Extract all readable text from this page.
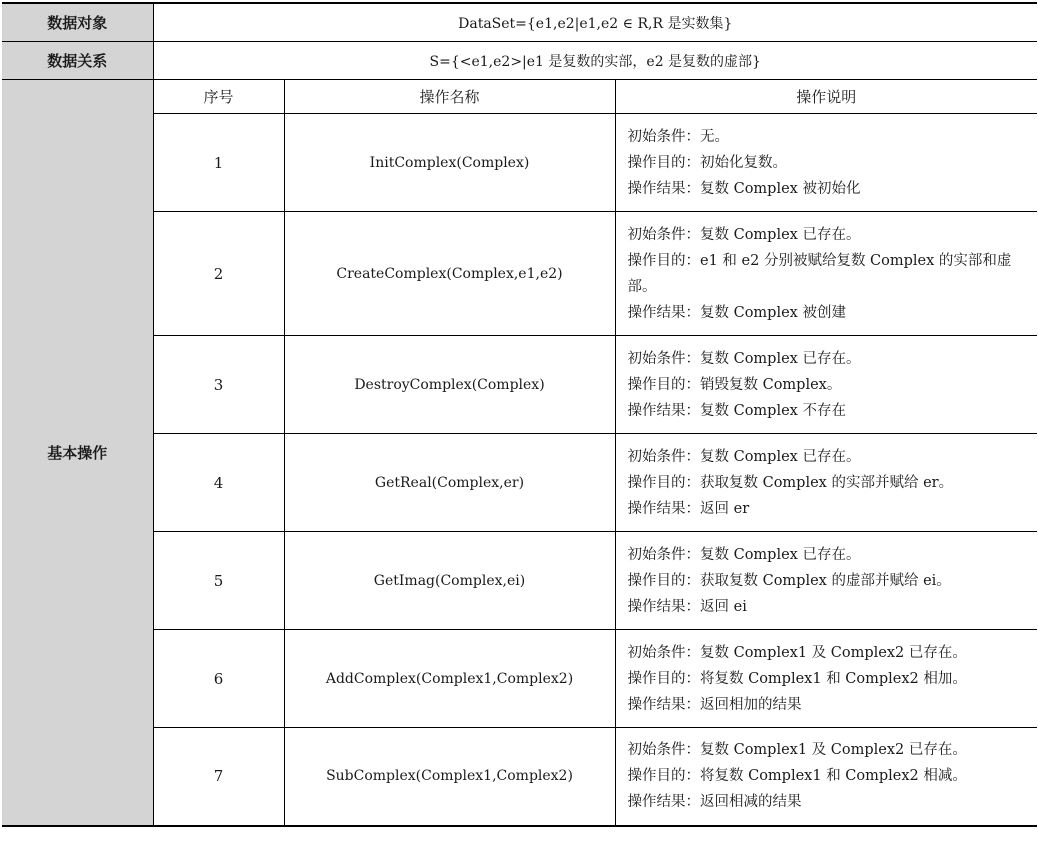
数据对象	DataSet={e1,e2|e1,e2 ∈ R,R 是实数集}		
数据关系	S={<e1,e2>|e1 是复数的实部，e2 是复数的虚部}		
基本操作	序号	操作名称	操作说明
	1	InitComplex(Complex)	初始条件：无。
操作目的：初始化复数。
操作结果：复数 Complex 被初始化

	2	CreateComplex(Complex,e1,e2)	初始条件：复数 Complex 已存在。
操作目的：e1 和 e2 分别被赋给复数 Complex 的实部和虚部。
操作结果：复数 Complex 被创建

	3	DestroyComplex(Complex)	初始条件：复数 Complex 已存在。
操作目的：销毁复数 Complex。
操作结果：复数 Complex 不存在

	4	GetReal(Complex,er)	初始条件：复数 Complex 已存在。
操作目的：获取复数 Complex 的实部并赋给 er。
操作结果：返回 er

	5	GetImag(Complex,ei)	初始条件：复数 Complex 已存在。
操作目的：获取复数 Complex 的虚部并赋给 ei。
操作结果：返回 ei

	6	AddComplex(Complex1,Complex2)	初始条件：复数 Complex1 及 Complex2 已存在。
操作目的：将复数 Complex1 和 Complex2 相加。
操作结果：返回相加的结果

	7	SubComplex(Complex1,Complex2)	初始条件：复数 Complex1 及 Complex2 已存在。
操作目的：将复数 Complex1 和 Complex2 相减。
操作结果：返回相减的结果
